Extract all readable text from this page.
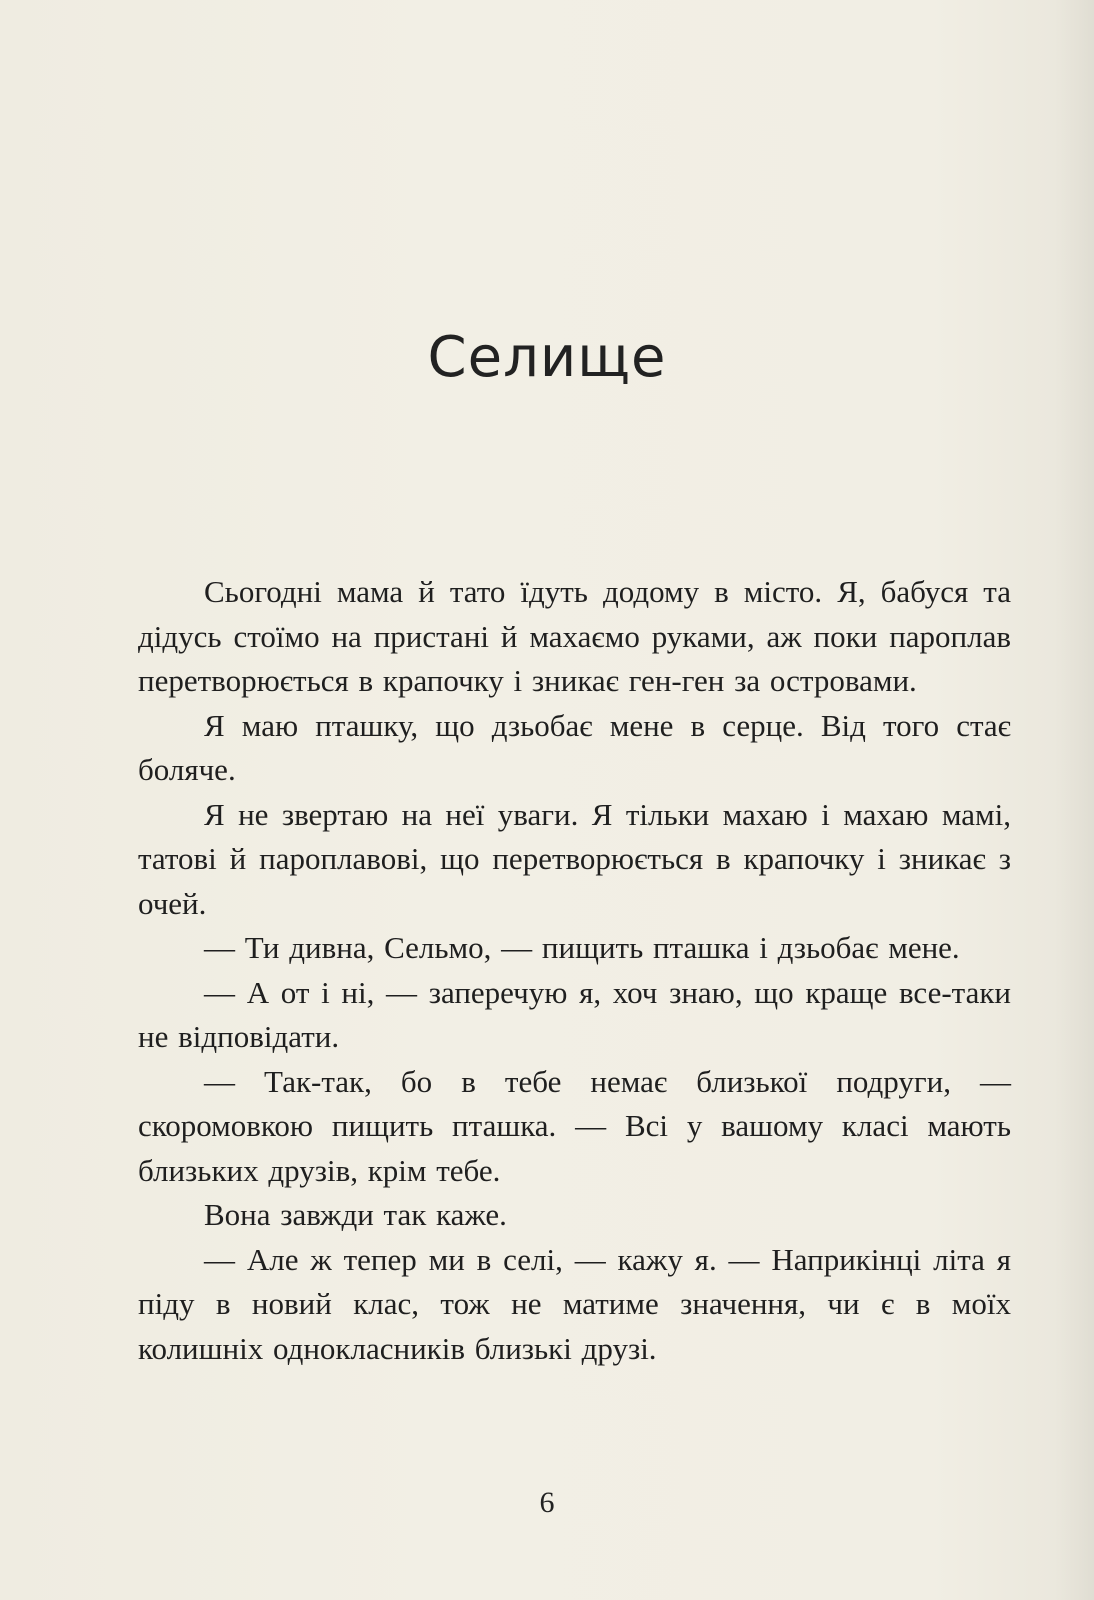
Селище

Сьогодні мама й тато їдуть додому в місто. Я, бабуся та дідусь стоїмо на пристані й махаємо руками, аж поки пароплав перетворюється в крапочку і зникає ген-ген за островами.

Я маю пташку, що дзьобає мене в серце. Від того стає боляче.

Я не звертаю на неї уваги. Я тільки махаю і махаю мамі, татові й пароплавові, що перетворюється в крапочку і зникає з очей.

— Ти дивна, Сельмо, — пищить пташка і дзьобає мене.

— А от і ні, — заперечую я, хоч знаю, що краще все-таки не відповідати.

— Так-так, бо в тебе немає близької подруги, — скоромовкою пищить пташка. — Всі у вашому класі мають близьких друзів, крім тебе.

Вона завжди так каже.

— Але ж тепер ми в селі, — кажу я. — Наприкінці літа я піду в новий клас, тож не матиме значення, чи є в моїх колишніх однокласників близькі друзі.

6
